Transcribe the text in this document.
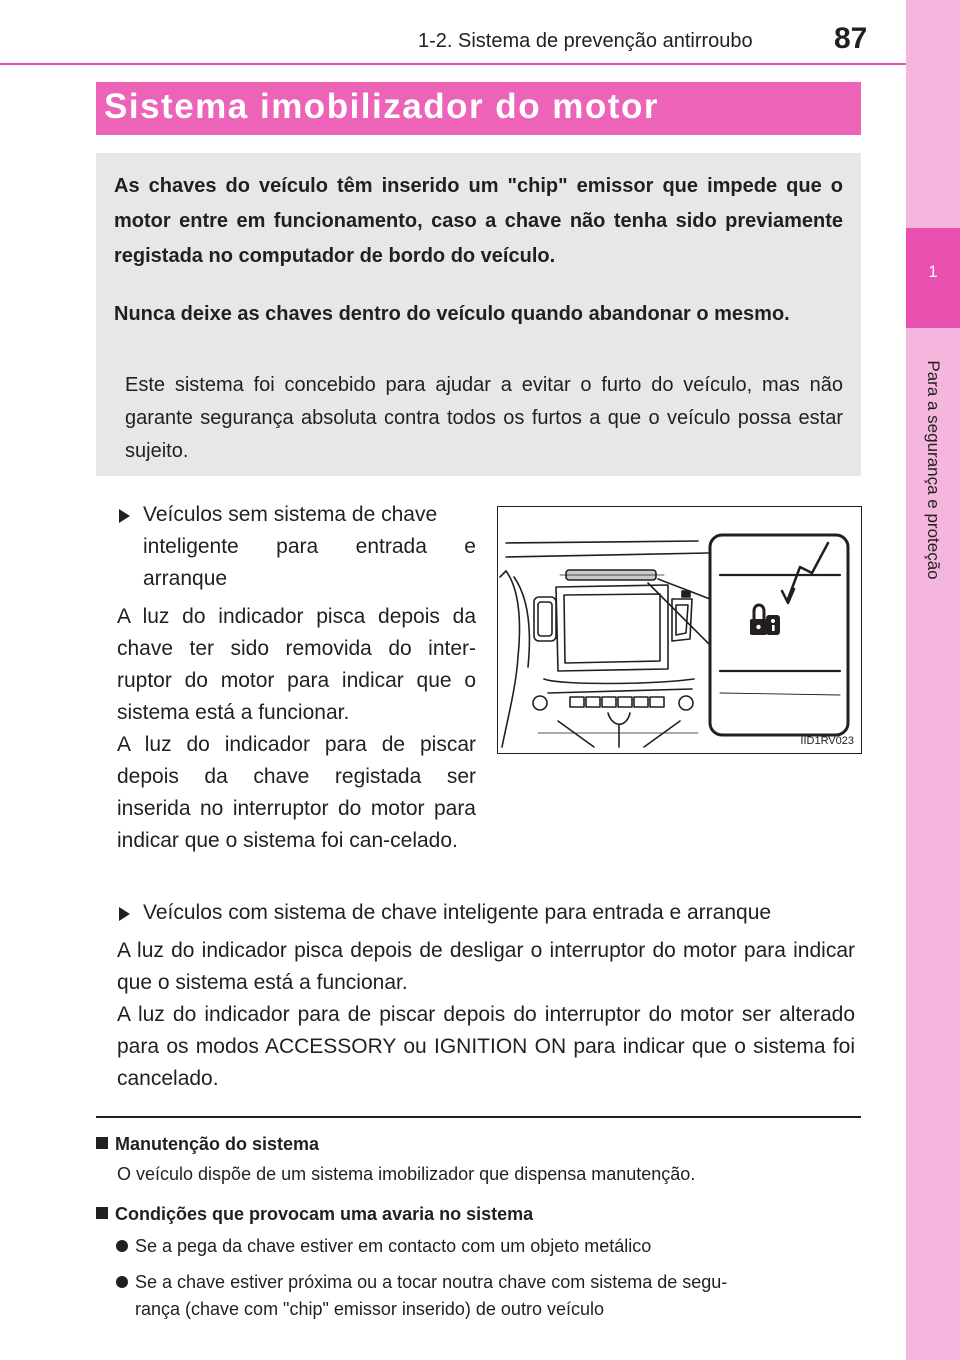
1
Para a segurança e proteção
1-2. Sistema de prevenção antirroubo	87
Sistema imobilizador do motor
As chaves do veículo têm inserido um "chip" emissor que impede que o motor entre em funcionamento, caso a chave não tenha sido previamente registada no computador de bordo do veículo.
Nunca deixe as chaves dentro do veículo quando abandonar o mesmo.
Este sistema foi concebido para ajudar a evitar o furto do veículo, mas não garante segurança absoluta contra todos os furtos a que o veículo possa estar sujeito.
Veículos sem sistema de chave
inteligente para entrada e
arranque
A luz do indicador pisca depois da chave ter sido removida do inter-ruptor do motor para indicar que o sistema está a funcionar.
A luz do indicador para de piscar depois da chave registada ser inserida no interruptor do motor para indicar que o sistema foi can-celado.
IID1RV023
Veículos com sistema de chave inteligente para entrada e arranque
A luz do indicador pisca depois de desligar o interruptor do motor para indicar que o sistema está a funcionar.
A luz do indicador para de piscar depois do interruptor do motor ser alterado para os modos ACCESSORY ou IGNITION ON para indicar que o sistema foi cancelado.
Manutenção do sistema
O veículo dispõe de um sistema imobilizador que dispensa manutenção.
Condições que provocam uma avaria no sistema
Se a pega da chave estiver em contacto com um objeto metálico
Se a chave estiver próxima ou a tocar noutra chave com sistema de segu-
rança (chave com "chip" emissor inserido) de outro veículo
